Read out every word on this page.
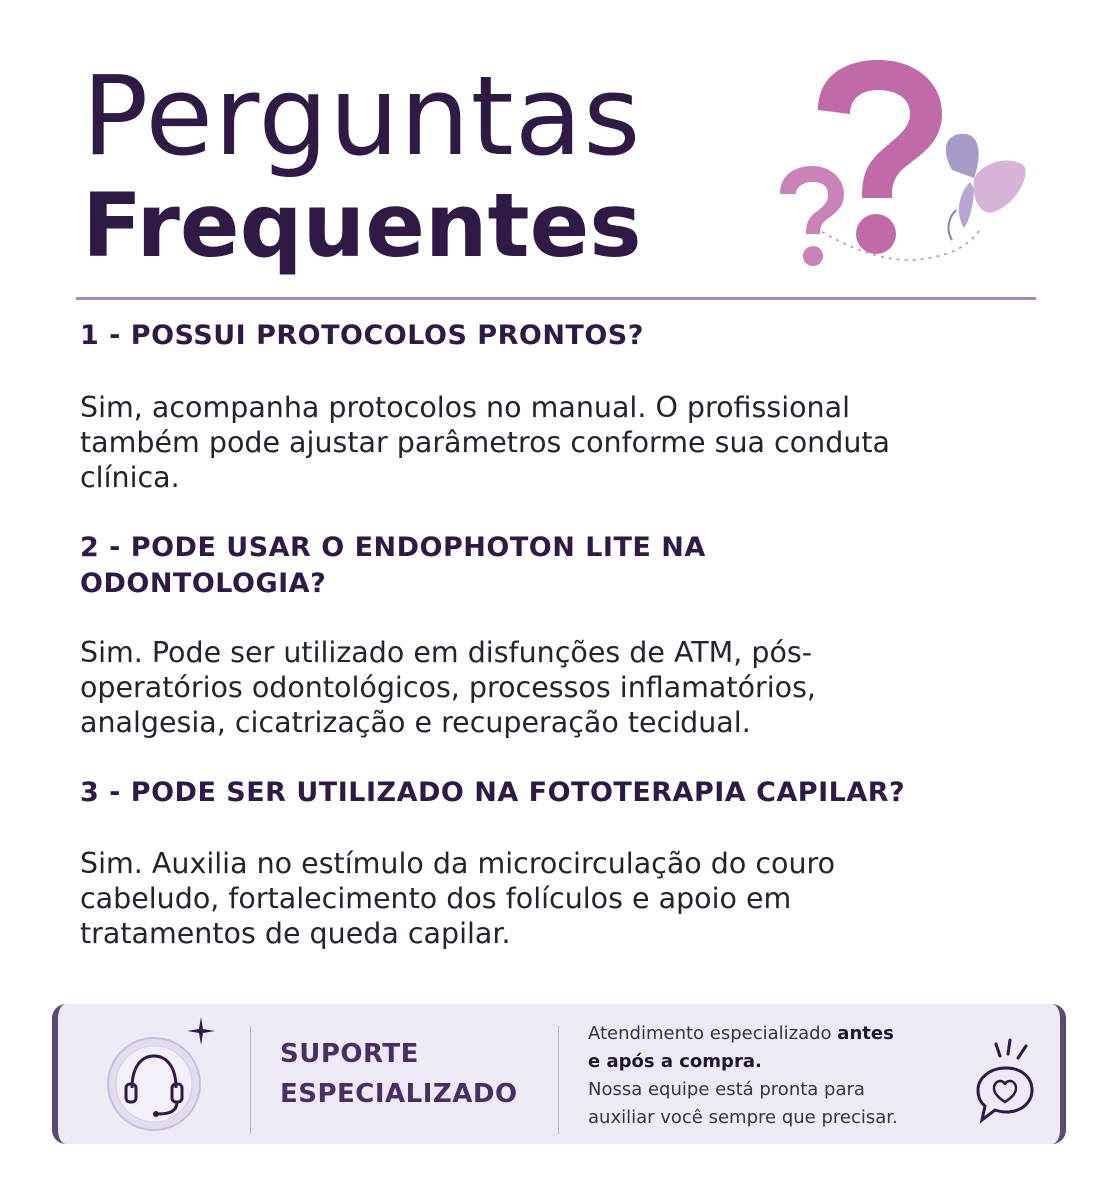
Perguntas

Frequentes

1 - POSSUI PROTOCOLOS PRONTOS?

Sim, acompanha protocolos no manual. O profissional

também pode ajustar parâmetros conforme sua conduta

clínica.

2 - PODE USAR O ENDOPHOTON LITE NA

ODONTOLOGIA?

Sim. Pode ser utilizado em disfunções de ATM, pós-

operatórios odontológicos, processos inflamatórios,

analgesia, cicatrização e recuperação tecidual.

3 - PODE SER UTILIZADO NA FOTOTERAPIA CAPILAR?

Sim. Auxilia no estímulo da microcirculação do couro

cabeludo, fortalecimento dos folículos e apoio em

tratamentos de queda capilar.

SUPORTE
ESPECIALIZADO
Atendimento especializado antes
e após a compra.
Nossa equipe está pronta para
auxiliar você sempre que precisar.
